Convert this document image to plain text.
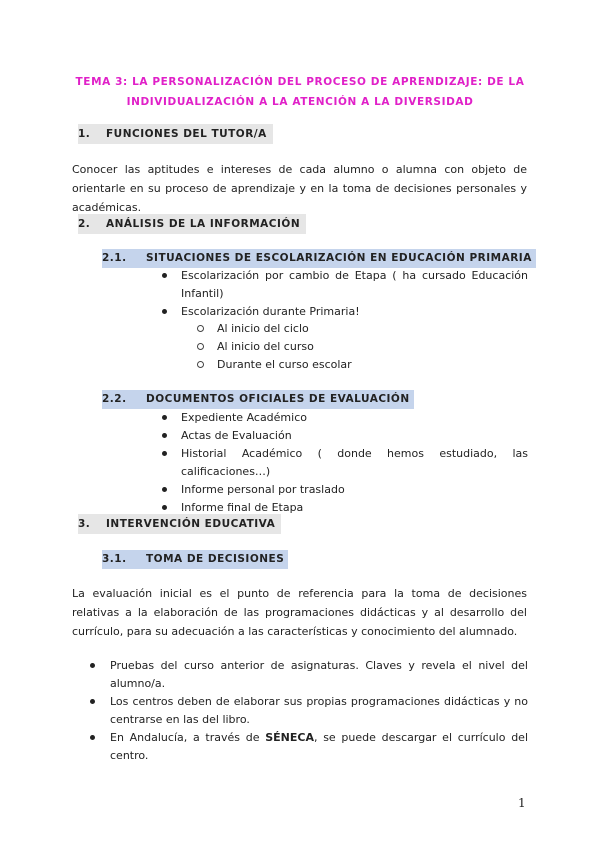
TEMA 3: LA PERSONALIZACIÓN DEL PROCESO DE APRENDIZAJE: DE LA INDIVIDUALIZACIÓN A LA ATENCIÓN A LA DIVERSIDAD
1. FUNCIONES DEL TUTOR/A
Conocer las aptitudes e intereses de cada alumno o alumna con objeto de orientarle en su proceso de aprendizaje y en la toma de decisiones personales y académicas.
2. ANÁLISIS DE LA INFORMACIÓN
2.1. SITUACIONES DE ESCOLARIZACIÓN EN EDUCACIÓN PRIMARIA
Escolarización por cambio de Etapa ( ha cursado Educación Infantil)
Escolarización durante Primaria!
Al inicio del ciclo
Al inicio del curso
Durante el curso escolar
2.2. DOCUMENTOS OFICIALES DE EVALUACIÓN
Expediente Académico
Actas de Evaluación
Historial Académico ( donde hemos estudiado, las calificaciones…)
Informe personal por traslado
Informe final de Etapa
3. INTERVENCIÓN EDUCATIVA
3.1. TOMA DE DECISIONES
La evaluación inicial es el punto de referencia para la toma de decisiones relativas a la elaboración de las programaciones didácticas y al desarrollo del currículo, para su adecuación a las características y conocimiento del alumnado.
Pruebas del curso anterior de asignaturas. Claves y revela el nivel del alumno/a.
Los centros deben de elaborar sus propias programaciones didácticas y no centrarse en las del libro.
En Andalucía, a través de SÉNECA, se puede descargar el currículo del centro.
1
